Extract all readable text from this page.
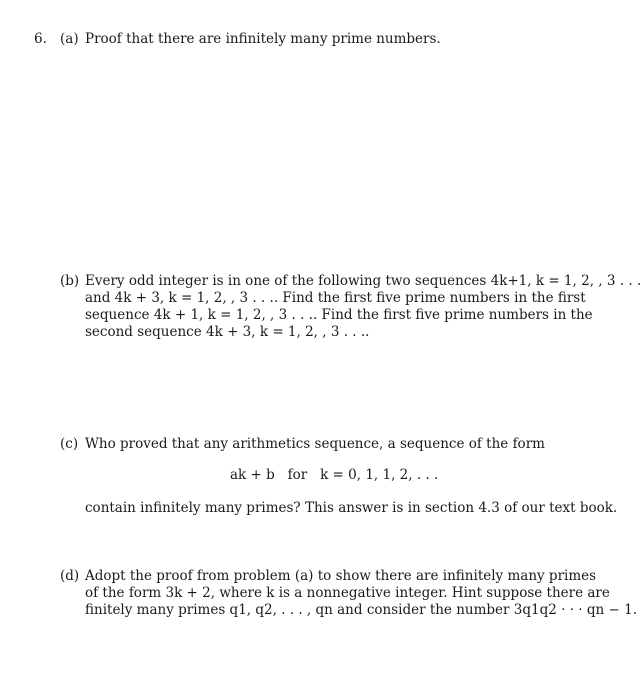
6. (a) Proof that there are infinitely many prime numbers.
(b) Every odd integer is in one of the following two sequences 4k+1, k = 1, 2, , 3 . . .
and 4k + 3, k = 1, 2, , 3 . . .. Find the first five prime numbers in the first
sequence 4k + 1, k = 1, 2, , 3 . . .. Find the first five prime numbers in the
second sequence 4k + 3, k = 1, 2, , 3 . . ..
(c) Who proved that any arithmetics sequence, a sequence of the form
ak + b   for   k = 0, 1, 1, 2, . . .
contain infinitely many primes? This answer is in section 4.3 of our text book.
(d) Adopt the proof from problem (a) to show there are infinitely many primes
of the form 3k + 2, where k is a nonnegative integer. Hint suppose there are
finitely many primes q1, q2, . . . , qn and consider the number 3q1q2 · · · qn − 1.
